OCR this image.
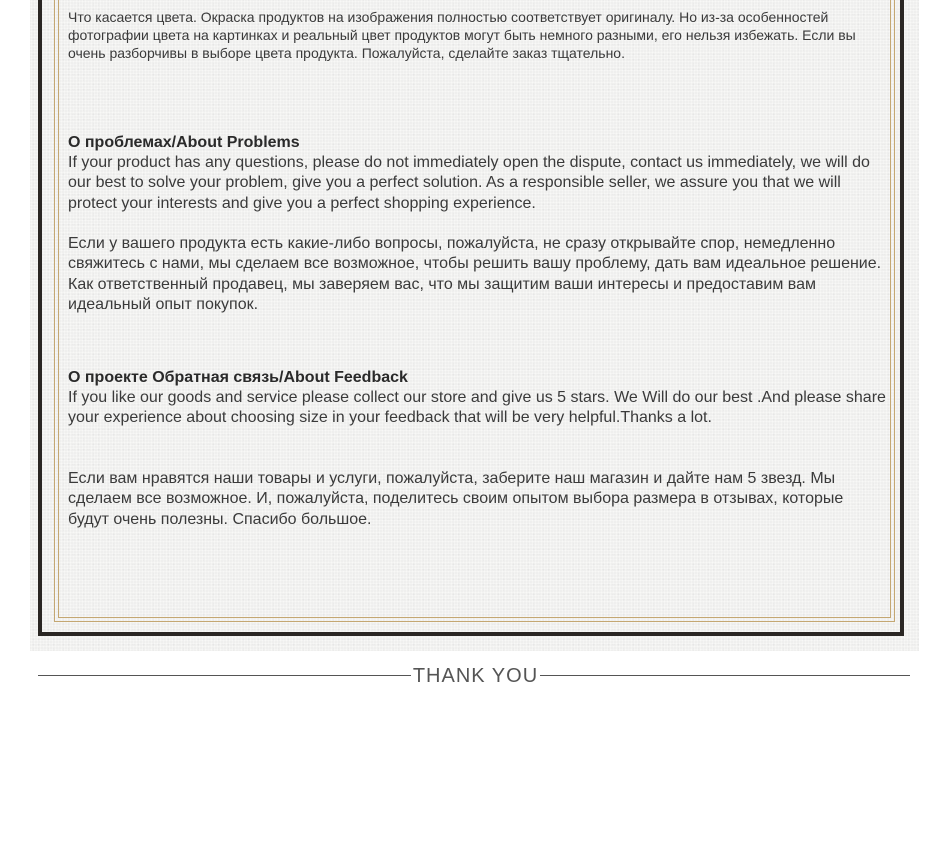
Что касается цвета. Окраска продуктов на изображения полностью соответствует оригиналу. Но из-за особенностей фотографии цвета на картинках и реальный цвет продуктов могут быть немного разными, его нельзя избежать. Если вы очень разборчивы в выборе цвета продукта. Пожалуйста, сделайте заказ тщательно.

О проблемах/About Problems

If your product has any questions, please do not immediately open the dispute, contact us immediately, we will do our best to solve your problem, give you a perfect solution. As a responsible seller, we assure you that we will protect your interests and give you a perfect shopping experience.

Если у вашего продукта есть какие-либо вопросы, пожалуйста, не сразу открывайте спор, немедленно свяжитесь с нами, мы сделаем все возможное, чтобы решить вашу проблему, дать вам идеальное решение. Как ответственный продавец, мы заверяем вас, что мы защитим ваши интересы и предоставим вам идеальный опыт покупок.

О проекте Обратная связь/About Feedback

If you like our goods and service please collect our store and give us 5 stars. We Will do our best .And please share your experience about choosing size in your feedback that will be very helpful.Thanks a lot.

Если вам нравятся наши товары и услуги, пожалуйста, заберите наш магазин и дайте нам 5 звезд. Мы сделаем все возможное. И, пожалуйста, поделитесь своим опытом выбора размера в отзывах, которые будут очень полезны. Спасибо большое.

THANK YOU
